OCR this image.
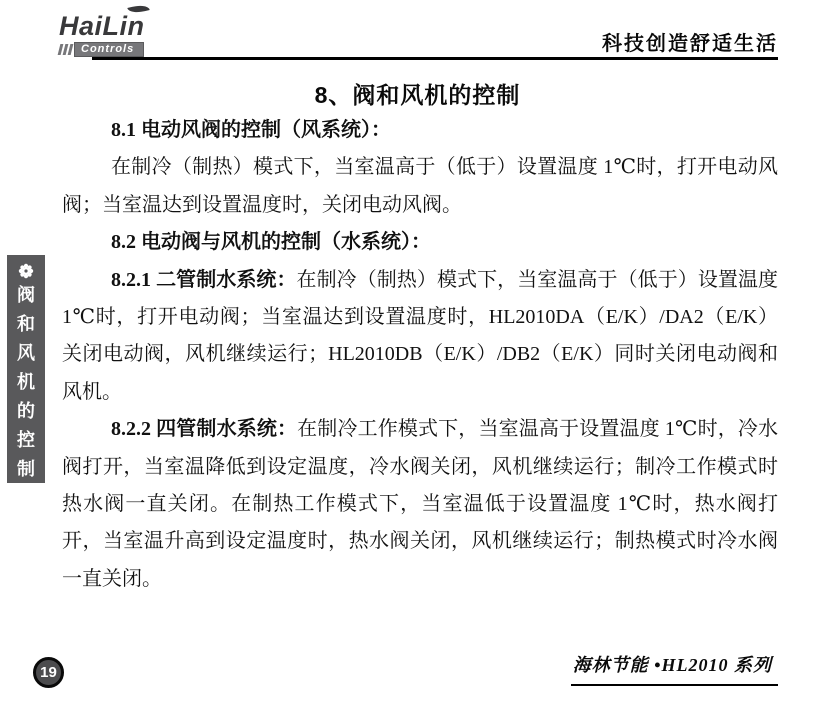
HaiLin
Controls	科技创造舒适生活
8、阀和风机的控制
8.1 电动风阀的控制（风系统）：

在制冷（制热）模式下，当室温高于（低于）设置温度 1℃时，打开电动风阀；当室温达到设置温度时，关闭电动风阀。

8.2 电动阀与风机的控制（水系统）：

8.2.1 二管制水系统：在制冷（制热）模式下，当室温高于（低于）设置温度 1℃时，打开电动阀；当室温达到设置温度时，HL2010DA（E/K）/DA2（E/K）关闭电动阀，风机继续运行；HL2010DB（E/K）/DB2（E/K）同时关闭电动阀和风机。

8.2.2 四管制水系统：在制冷工作模式下，当室温高于设置温度 1℃时，冷水阀打开，当室温降低到设定温度，冷水阀关闭，风机继续运行；制冷工作模式时热水阀一直关闭。在制热工作模式下，当室温低于设置温度 1℃时，热水阀打开，当室温升高到设定温度时，热水阀关闭，风机继续运行；制热模式时冷水阀一直关闭。

阀
和
风
机
的
控
制
19	海林节能 •HL2010 系列
